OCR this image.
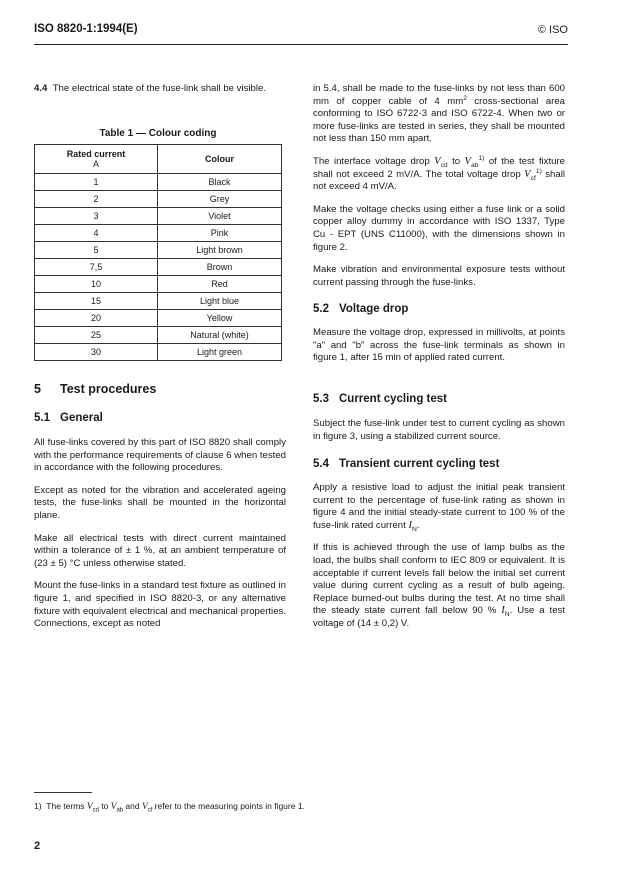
ISO 8820-1:1994(E)	© ISO

4.4 The electrical state of the fuse-link shall be visible.

Table 1 — Colour coding
Rated current
A	Colour
1	Black
2	Grey
3	Violet
4	Pink
5	Light brown
7,5	Brown
10	Red
15	Light blue
20	Yellow
25	Natural (white)
30	Light green
5 Test procedures
5.1 General

All fuse-links covered by this part of ISO 8820 shall comply with the performance requirements of clause 6 when tested in accordance with the following procedures.

Except as noted for the vibration and accelerated ageing tests, the fuse-links shall be mounted in the horizontal plane.

Make all electrical tests with direct current maintained within a tolerance of ± 1 %, at an ambient temperature of (23 ± 5) °C unless otherwise stated.

Mount the fuse-links in a standard test fixture as outlined in figure 1, and specified in ISO 8820-3, or any alternative fixture with equivalent electrical and mechanical properties. Connections, except as noted

in 5.4, shall be made to the fuse-links by not less than 600 mm of copper cable of 4 $mm^2$ cross-sectional area conforming to ISO 6722-3 and ISO 6722-4. When two or more fuse-links are tested in series, they shall be mounted not less than 150 mm apart.

The interface voltage drop $V_{cd}$ to $V_{ab}^{1)}$ of the test fixture shall not exceed 2 mV/A. The total voltage drop $V_{cf}^{1)}$ shall not exceed 4 mV/A.

Make the voltage checks using either a fuse link or a solid copper alloy dummy in accordance with ISO 1337, Type Cu - EPT (UNS C11000), with the dimensions shown in figure 2.

Make vibration and environmental exposure tests without current passing through the fuse-links.

5.2 Voltage drop

Measure the voltage drop, expressed in millivolts, at points "a" and "b" across the fuse-link terminals as shown in figure 1, after 15 min of applied rated current.

5.3 Current cycling test

Subject the fuse-link under test to current cycling as shown in figure 3, using a stabilized current source.

5.4 Transient current cycling test

Apply a resistive load to adjust the initial peak transient current to the percentage of fuse-link rating as shown in figure 4 and the initial steady-state current to 100 % of the fuse-link rated current $I_N$.

If this is achieved through the use of lamp bulbs as the load, the bulbs shall conform to IEC 809 or equivalent. It is acceptable if current levels fall below the initial set current value during current cycling as a result of bulb ageing. Replace burned-out bulbs during the test. At no time shall the steady state current fall below 90 % $I_N$. Use a test voltage of (14 ± 0,2) V.

1) The terms $V_{cd}$ to $V_{ab}$ and $V_{cf}$ refer to the measuring points in figure 1.
2
